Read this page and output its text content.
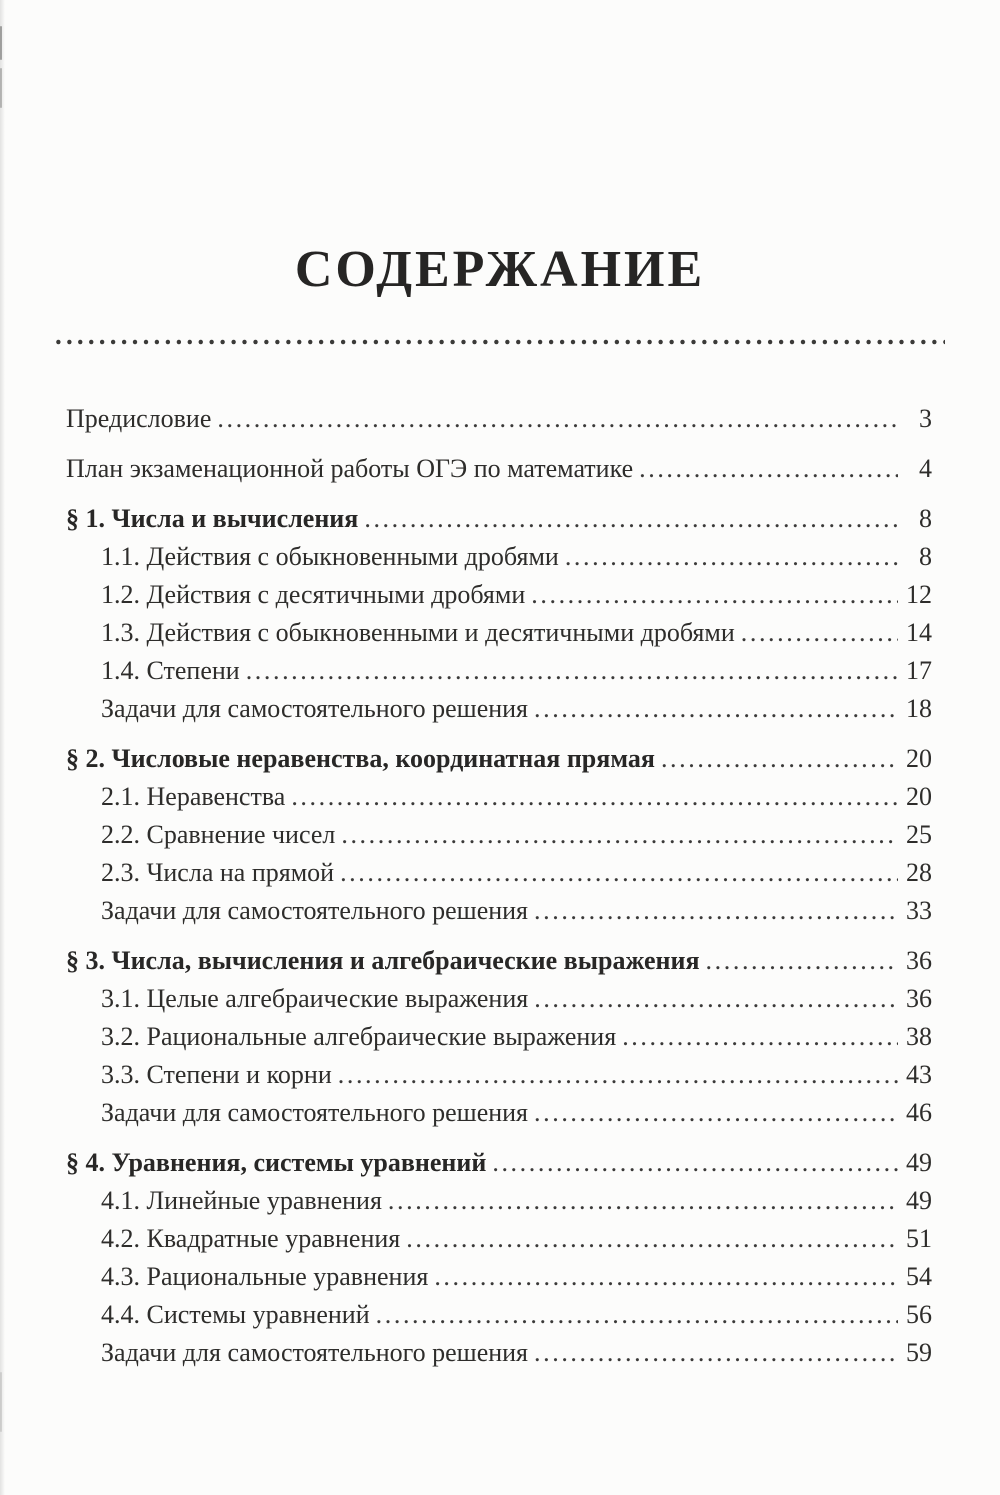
СОДЕРЖАНИЕ
.....
Предисловие .....	3
План экзаменационной работы ОГЭ по математике .....	4
§ 1. Числа и вычисления .....	8
1.1. Действия с обыкновенными дробями .....	8
1.2. Действия с десятичными дробями .....	12
1.3. Действия с обыкновенными и десятичными дробями .....	14
1.4. Степени .....	17
Задачи для самостоятельного решения .....	18
§ 2. Числовые неравенства, координатная прямая .....	20
2.1. Неравенства .....	20
2.2. Сравнение чисел .....	25
2.3. Числа на прямой .....	28
Задачи для самостоятельного решения .....	33
§ 3. Числа, вычисления и алгебраические выражения .....	36
3.1. Целые алгебраические выражения .....	36
3.2. Рациональные алгебраические выражения .....	38
3.3. Степени и корни .....	43
Задачи для самостоятельного решения .....	46
§ 4. Уравнения, системы уравнений .....	49
4.1. Линейные уравнения .....	49
4.2. Квадратные уравнения .....	51
4.3. Рациональные уравнения .....	54
4.4. Системы уравнений .....	56
Задачи для самостоятельного решения .....	59
